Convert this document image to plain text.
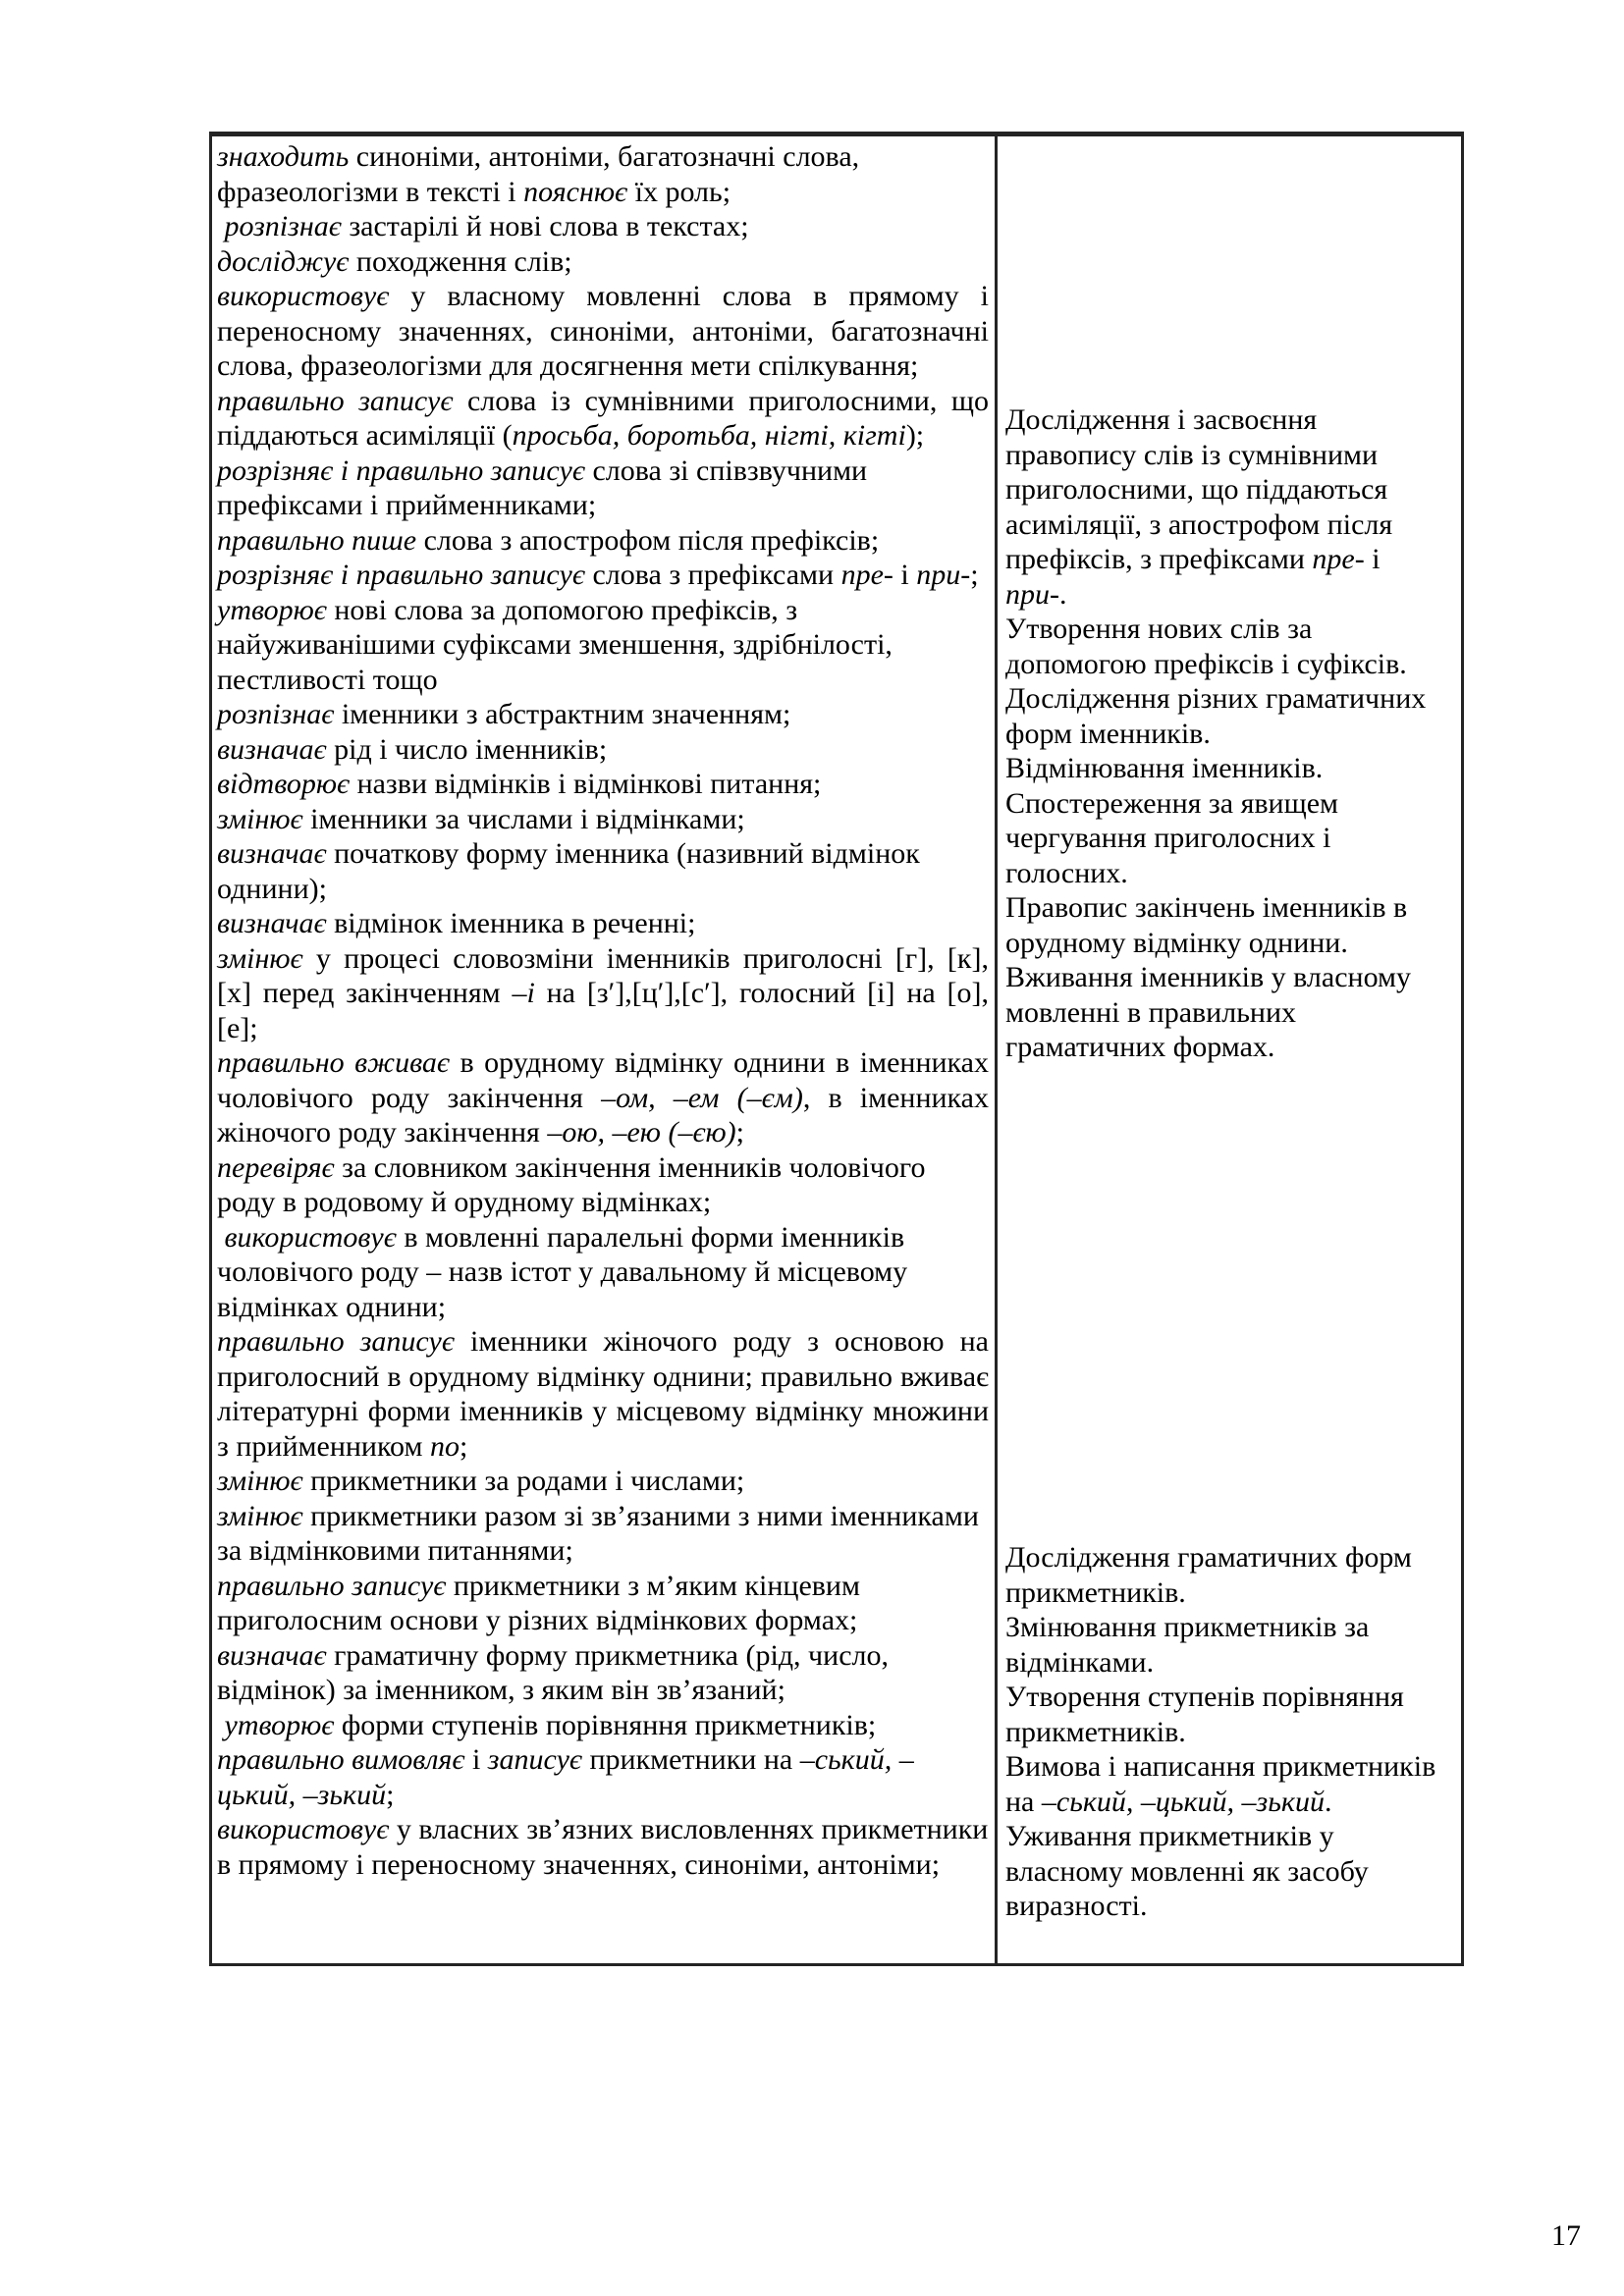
знаходить синоніми, антоніми, багатозначні слова, фразеологізми в тексті і пояснює їх роль;

розпізнає застарілі й нові слова в текстах;

досліджує походження слів;

використовує у власному мовленні слова в прямому і переносному значеннях, синоніми, антоніми, багатозначні слова, фразеологізми для досягнення мети спілкування;

правильно записує слова із сумнівними приголосними, що піддаються асиміляції (просьба, боротьба, нігті, кігті);

розрізняє і правильно записує слова зі співзвучними префіксами і прийменниками;

правильно пише слова з апострофом після префіксів;

розрізняє і правильно записує слова з префіксами пре- і при-;

утворює нові слова за допомогою префіксів, з найуживанішими суфіксами зменшення, здрібнілості, пестливості тощо

розпізнає іменники з абстрактним значенням;

визначає рід і число іменників;

відтворює назви відмінків і відмінкові питання;

змінює іменники за числами і відмінками;

визначає початкову форму іменника (називний відмінок однини);

визначає відмінок іменника в реченні;

змінює у процесі словозміни іменників приголосні [г], [к], [х] перед закінченням –і на [з′],[ц′],[с′], голосний [і] на [о], [е];

правильно вживає в орудному відмінку однини в іменниках чоловічого роду закінчення –ом, –ем (–єм), в іменниках жіночого роду закінчення –ою, –ею (–єю);

перевіряє за словником закінчення іменників чоловічого роду в родовому й орудному відмінках;

використовує в мовленні паралельні форми іменників чоловічого роду – назв істот у давальному й місцевому відмінках однини;

правильно записує іменники жіночого роду з основою на приголосний в орудному відмінку однини; правильно вживає літературні форми іменників у місцевому відмінку множини з прийменником по;

змінює прикметники за родами і числами;

змінює прикметники разом зі зв’язаними з ними іменниками за відмінковими питаннями;

правильно записує прикметники з м’яким кінцевим приголосним основи у різних відмінкових формах;

визначає граматичну форму прикметника (рід, число, відмінок) за іменником, з яким він зв’язаний;

утворює форми ступенів порівняння прикметників;

правильно вимовляє і записує прикметники на –ський, –цький, –зький;

використовує у власних зв’язних висловленнях прикметники в прямому і переносному значеннях, синоніми, антоніми;

Дослідження і засвоєння правопису слів із сумнівними приголосними, що піддаються асиміляції, з апострофом після префіксів, з префіксами пре- і при-.

Утворення нових слів за допомогою префіксів і суфіксів.

Дослідження різних граматичних форм іменників.

Відмінювання іменників.

Спостереження за явищем чергування приголосних і голосних.

Правопис закінчень іменників в орудному відмінку однини.

Вживання іменників у власному мовленні в правильних граматичних формах.

Дослідження граматичних форм прикметників.

Змінювання прикметників за відмінками.

Утворення ступенів порівняння прикметників.

Вимова і написання прикметників на –ський, –цький, –зький.

Уживання прикметників у власному мовленні як засобу виразності.

17
